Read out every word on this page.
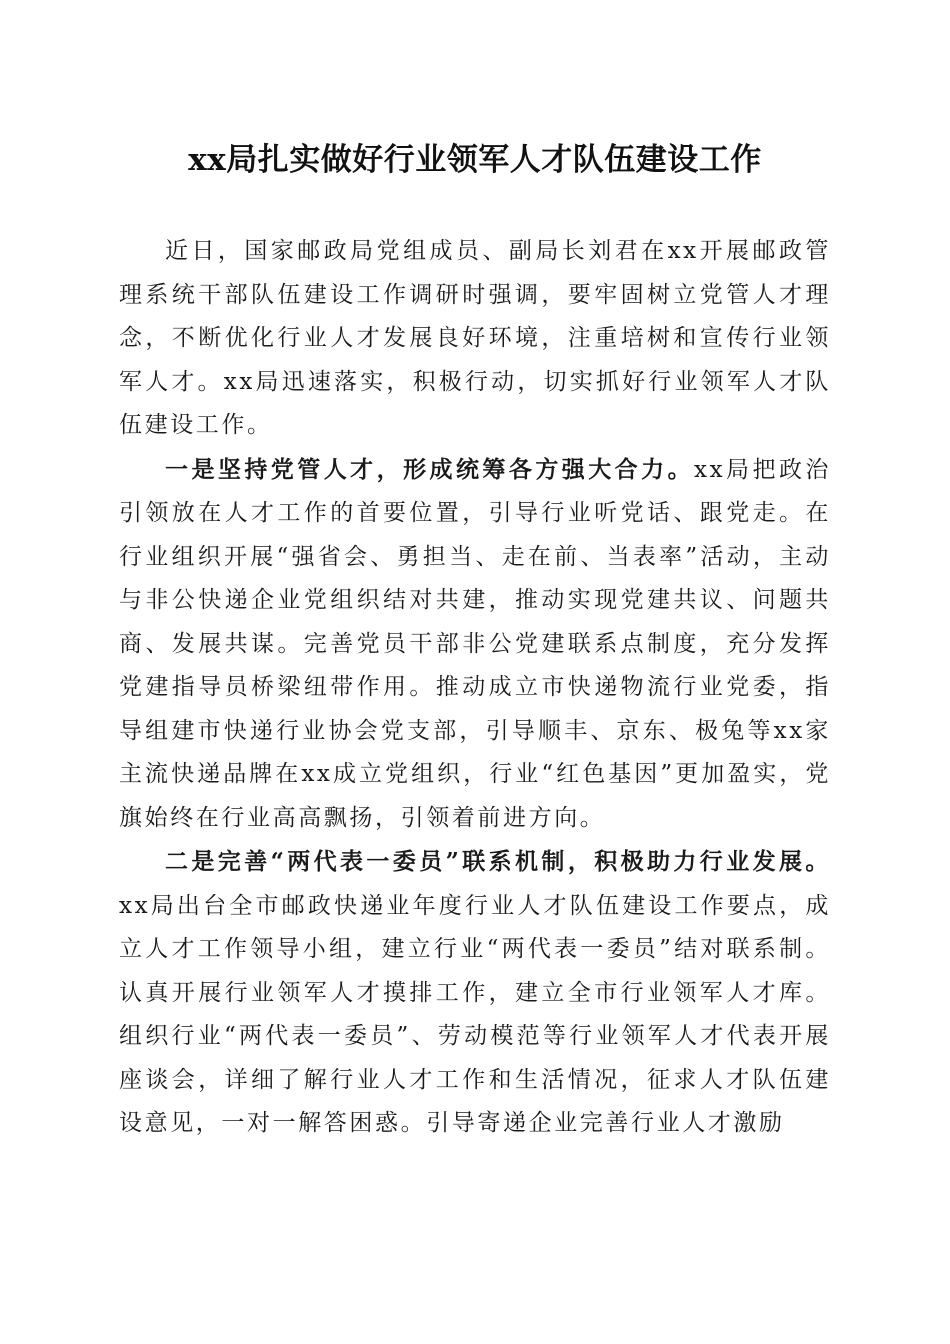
xx局扎实做好行业领军人才队伍建设工作

近日，国家邮政局党组成员、副局长刘君在xx开展邮政管理系统干部队伍建设工作调研时强调，要牢固树立党管人才理念，不断优化行业人才发展良好环境，注重培树和宣传行业领军人才。xx局迅速落实，积极行动，切实抓好行业领军人才队伍建设工作。

一是坚持党管人才，形成统筹各方强大合力。xx局把政治引领放在人才工作的首要位置，引导行业听党话、跟党走。在行业组织开展“强省会、勇担当、走在前、当表率”活动，主动与非公快递企业党组织结对共建，推动实现党建共议、问题共商、发展共谋。完善党员干部非公党建联系点制度，充分发挥党建指导员桥梁纽带作用。推动成立市快递物流行业党委，指导组建市快递行业协会党支部，引导顺丰、京东、极兔等xx家主流快递品牌在xx成立党组织，行业“红色基因”更加盈实，党旗始终在行业高高飘扬，引领着前进方向。

二是完善“两代表一委员”联系机制，积极助力行业发展。xx局出台全市邮政快递业年度行业人才队伍建设工作要点，成立人才工作领导小组，建立行业“两代表一委员”结对联系制。认真开展行业领军人才摸排工作，建立全市行业领军人才库。组织行业“两代表一委员”、劳动模范等行业领军人才代表开展座谈会，详细了解行业人才工作和生活情况，征求人才队伍建设意见，一对一解答困惑。引导寄递企业完善行业人才激励
